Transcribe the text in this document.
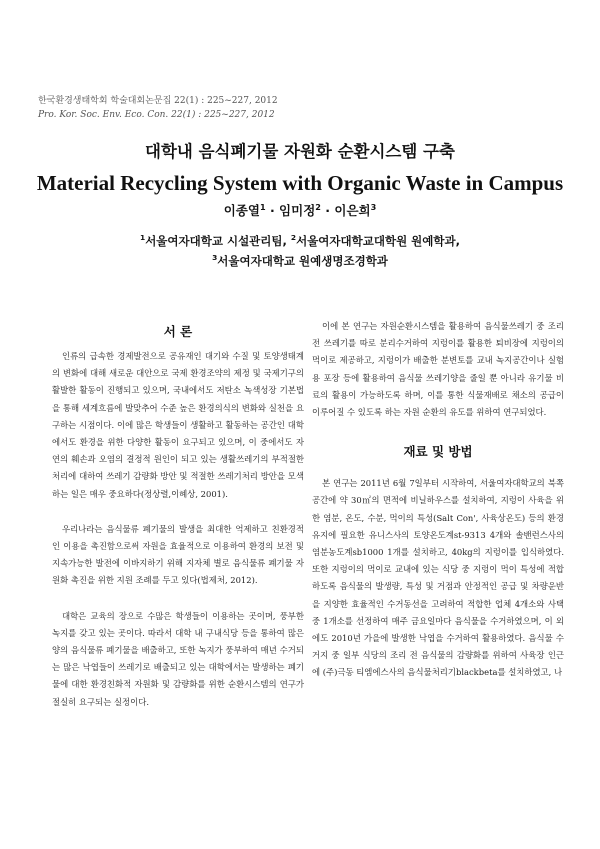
한국환경생태학회 학술대회논문집 22(1) : 225~227, 2012
Pro. Kor. Soc. Env. Eco. Con. 22(1) : 225~227, 2012
대학내 음식폐기물 자원화 순환시스템 구축
Material Recycling System with Organic Waste in Campus
이종열$^1$ · 임미정$^2$ · 이은희$^3$
$^1$서울여자대학교 시설관리팀, $^2$서울여자대학교대학원 원예학과,
$^3$서울여자대학교 원예생명조경학과
서 론

인류의 급속한 경제발전으로 공유재인 대기와 수질 및 토양생태계의 변화에 대해 새로운 대안으로 국제 환경조약의 제정 및 국제기구의 활발한 활동이 진행되고 있으며, 국내에서도 저탄소 녹색성장 기본법을 통해 세계흐름에 발맞추어 수준 높은 환경의식의 변화와 실천을 요구하는 시점이다. 이에 많은 학생들이 생활하고 활동하는 공간인 대학에서도 환경을 위한 다양한 활동이 요구되고 있으며, 이 중에서도 자연의 훼손과 오염의 결정적 원인이 되고 있는 생활쓰레기의 부적절한 처리에 대하여 쓰레기 감량화 방안 및 적절한 쓰레기처리 방안을 모색하는 일은 매우 중요하다(정상렬,이혜상, 2001).

우리나라는 음식물류 폐기물의 발생을 최대한 억제하고 친환경적인 이용을 촉진함으로써 자원을 효율적으로 이용하여 환경의 보전 및 지속가능한 발전에 이바지하기 위해 지자체 별로 음식물류 폐기물 자원화 촉진을 위한 지원 조례를 두고 있다(법제처, 2012).

대학은 교육의 장으로 수많은 학생들이 이용하는 곳이며, 풍부한 녹지를 갖고 있는 곳이다. 따라서 대학 내 구내식당 등을 통하여 많은 양의 음식물류 폐기물을 배출하고, 또한 녹지가 풍부하여 매년 수거되는 많은 낙엽들이 쓰레기로 배출되고 있는 대학에서는 발생하는 폐기물에 대한 환경친화적 자원화 및 감량화를 위한 순환시스템의 연구가 절실히 요구되는 실정이다.

이에 본 연구는 자원순환시스템을 활용하여 음식물쓰레기 중 조리 전 쓰레기를 따로 분리수거하여 지렁이를 활용한 퇴비장에 지렁이의 먹이로 제공하고, 지렁이가 배출한 분변토를 교내 녹지공간이나 실험용 포장 등에 활용하여 음식물 쓰레기양을 줄일 뿐 아니라 유기물 비료의 활용이 가능하도록 하며, 이를 통한 식물재배로 채소의 공급이 이루어질 수 있도록 하는 자원 순환의 유도를 위하여 연구되었다.

재료 및 방법

본 연구는 2011년 6월 7일부터 시작하여, 서울여자대학교의 북쪽공간에 약 30㎡의 면적에 비닐하우스를 설치하여, 지렁이 사육을 위한 염분, 온도, 수분, 먹이의 특성(Salt Con', 사육상온도) 등의 환경유지에 필요한 유니스사의 토양온도계st-9313 4개와 솔밴런스사의 염분농도계sb1000 1개를 설치하고, 40kg의 지렁이를 입식하였다. 또한 지렁이의 먹이로 교내에 있는 식당 중 지렁이 먹이 특성에 적합하도록 음식물의 발생량, 특성 및 거점과 안정적인 공급 및 차량운반을 지양한 효율적인 수거동선을 고려하여 적합한 업체 4개소와 사택 중 1개소를 선정하여 매주 금요일마다 음식물을 수거하였으며, 이 외에도 2010년 가을에 발생한 낙엽을 수거하여 활용하였다. 음식물 수거지 중 일부 식당의 조리 전 음식물의 감량화를 위하여 사육장 인근에 (주)극동 티엠에스사의 음식물처리기blackbeta를 설치하였고, 나
